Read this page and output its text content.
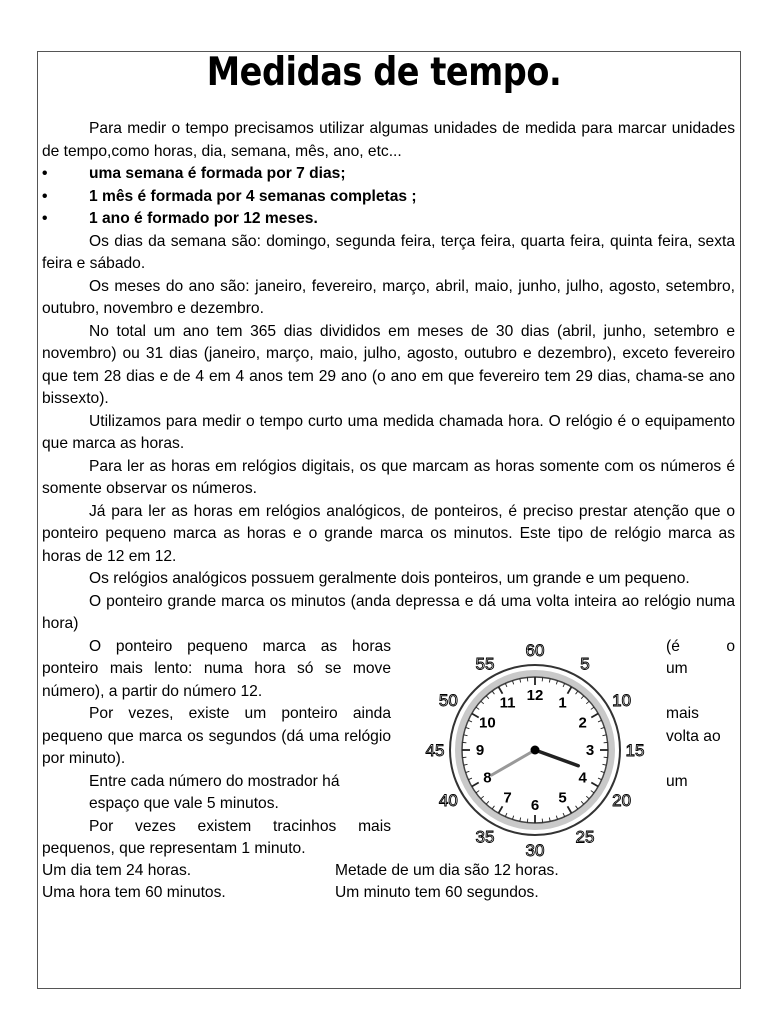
Medidas de tempo.

Para medir o tempo precisamos utilizar algumas unidades de medida para marcar unidades de tempo,como horas, dia, semana, mês, ano, etc...

•	uma semana é formada por 7 dias;
•	1 mês é formada por 4 semanas completas ;
•	1 ano é formado por 12 meses.

Os dias da semana são: domingo, segunda feira, terça feira, quarta feira, quinta feira, sexta feira e sábado.

Os meses do ano são: janeiro, fevereiro, março, abril, maio, junho, julho, agosto, setembro, outubro, novembro e dezembro.

No total um ano tem 365 dias divididos em meses de 30 dias (abril, junho, setembro e novembro) ou 31 dias (janeiro, março, maio, julho, agosto, outubro e dezembro), exceto fevereiro que tem 28 dias e de 4 em 4 anos tem 29 ano (o ano em que fevereiro tem 29 dias, chama-se ano bissexto).

Utilizamos para medir o tempo curto uma medida chamada hora. O relógio é o equipamento que marca as horas.

Para ler as horas em relógios digitais, os que marcam as horas somente com os números é somente observar os números.

Já para ler as horas em relógios analógicos, de ponteiros, é preciso prestar atenção que o ponteiro pequeno marca as horas e o grande marca os minutos. Este tipo de relógio marca as horas de 12 em 12.

Os relógios analógicos possuem geralmente dois ponteiros, um grande e um pequeno.

O ponteiro grande marca os minutos (anda depressa e dá uma volta inteira ao relógio numa hora)

O ponteiro pequeno marca as horas ponteiro mais lento: numa hora só se move número), a partir do número 12.

Por vezes, existe um ponteiro ainda pequeno que marca os segundos (dá uma relógio por minuto).

Entre cada número do mostrador há espaço que vale 5 minutos.

Por vezes existem tracinhos mais pequenos, que representam 1 minuto.

(é	o
um
mais
volta ao
um
12 1
2
3
4
5
6
7
8
9
10
11
60
5
10
15
20
25
30
35
40
45
50
55
Um dia tem 24 horas.	Metade de um dia são 12 horas.
Uma hora tem 60 minutos.	Um minuto tem 60 segundos.
